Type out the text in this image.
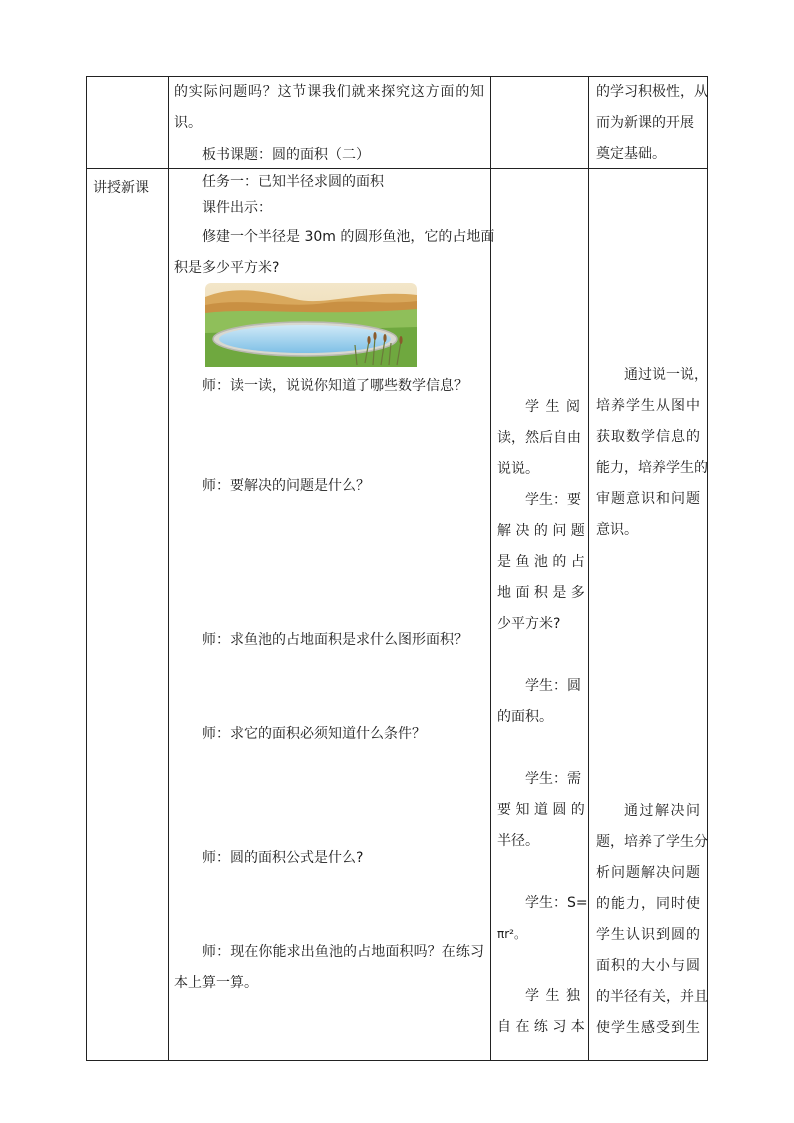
的实际问题吗？这节课我们就来探究这方面的知
识。
板书课题：圆的面积（二）
的学习积极性，从
而为新课的开展
奠定基础。
讲授新课	任务一：已知半径求圆的面积
课件出示：
修建一个半径是 30m 的圆形鱼池，它的占地面
积是多少平方米?
师：读一读，说说你知道了哪些数学信息？
师：要解决的问题是什么？
师：求鱼池的占地面积是求什么图形面积？
师：求它的面积必须知道什么条件？
师：圆的面积公式是什么?
师：现在你能求出鱼池的占地面积吗？在练习
本上算一算。
学 生 阅
读，然后自由
说说。
学生：要
解 决 的 问 题
是 鱼 池 的 占
地 面 积 是 多
少平方米?
学生：圆
的面积。
学生：需
要 知 道 圆 的
半径。
学生：S=
πr²。
学 生 独
自 在 练 习 本
通过说一说，
培养学生从图中
获取数学信息的
能力，培养学生的
审题意识和问题
意识。
通过解决问
题，培养了学生分
析问题解决问题
的能力，同时使
学生认识到圆的
面积的大小与圆
的半径有关，并且
使学生感受到生
